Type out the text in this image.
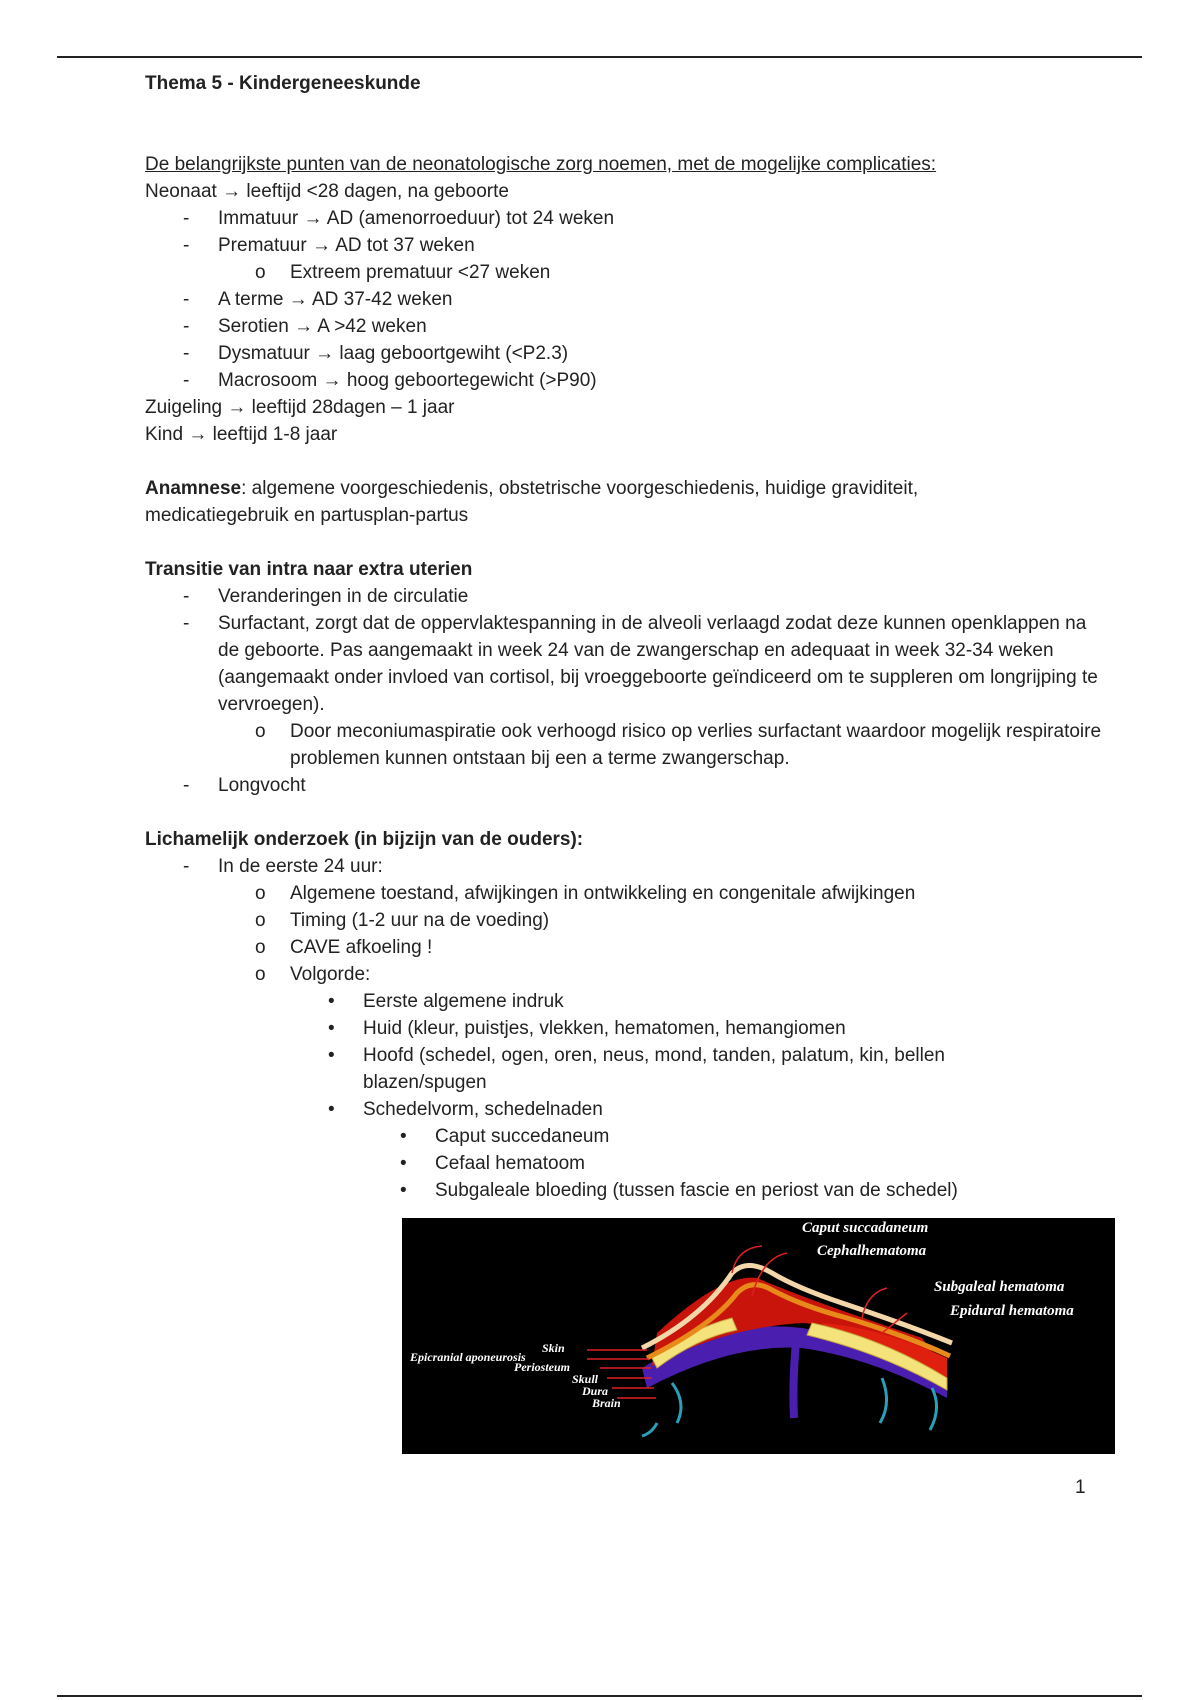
Thema 5 - Kindergeneeskunde
De belangrijkste punten van de neonatologische zorg noemen, met de mogelijke complicaties:
Neonaat → leeftijd <28 dagen, na geboorte
- Immatuur → AD (amenorroeduur) tot 24 weken
- Prematuur → AD tot 37 weken
o Extreem prematuur <27 weken
- A terme → AD 37-42 weken
- Serotien → A >42 weken
- Dysmatuur → laag geboortgewiht (<P2.3)
- Macrosoom → hoog geboortegewicht (>P90)
Zuigeling → leeftijd 28dagen – 1 jaar
Kind → leeftijd 1-8 jaar
Anamnese: algemene voorgeschiedenis, obstetrische voorgeschiedenis, huidige graviditeit, medicatiegebruik en partusplan-partus
Transitie van intra naar extra uterien
- Veranderingen in de circulatie
- Surfactant, zorgt dat de oppervlaktespanning in de alveoli verlaagd zodat deze kunnen openklappen na de geboorte. Pas aangemaakt in week 24 van de zwangerschap en adequaat in week 32-34 weken (aangemaakt onder invloed van cortisol, bij vroeggeboorte geïndiceerd om te suppleren om longrijping te vervroegen).
o Door meconiumaspiratie ook verhoogd risico op verlies surfactant waardoor mogelijk respiratoire problemen kunnen ontstaan bij een a terme zwangerschap.
- Longvocht
Lichamelijk onderzoek (in bijzijn van de ouders):
- In de eerste 24 uur:
o Algemene toestand, afwijkingen in ontwikkeling en congenitale afwijkingen
o Timing (1-2 uur na de voeding)
o CAVE afkoeling !
o Volgorde:
• Eerste algemene indruk
• Huid (kleur, puistjes, vlekken, hematomen, hemangiomen
• Hoofd (schedel, ogen, oren, neus, mond, tanden, palatum, kin, bellen blazen/spugen
• Schedelvorm, schedelnaden
• Caput succedaneum
• Cefaal hematoom
• Subgaleale bloeding (tussen fascie en periost van de schedel)
Caput succadaneum
Cephalhematoma
Subgaleal hematoma
Epidural hematoma
Skin
Epicranial aponeurosis
Periosteum
Skull
Dura
Brain
1
